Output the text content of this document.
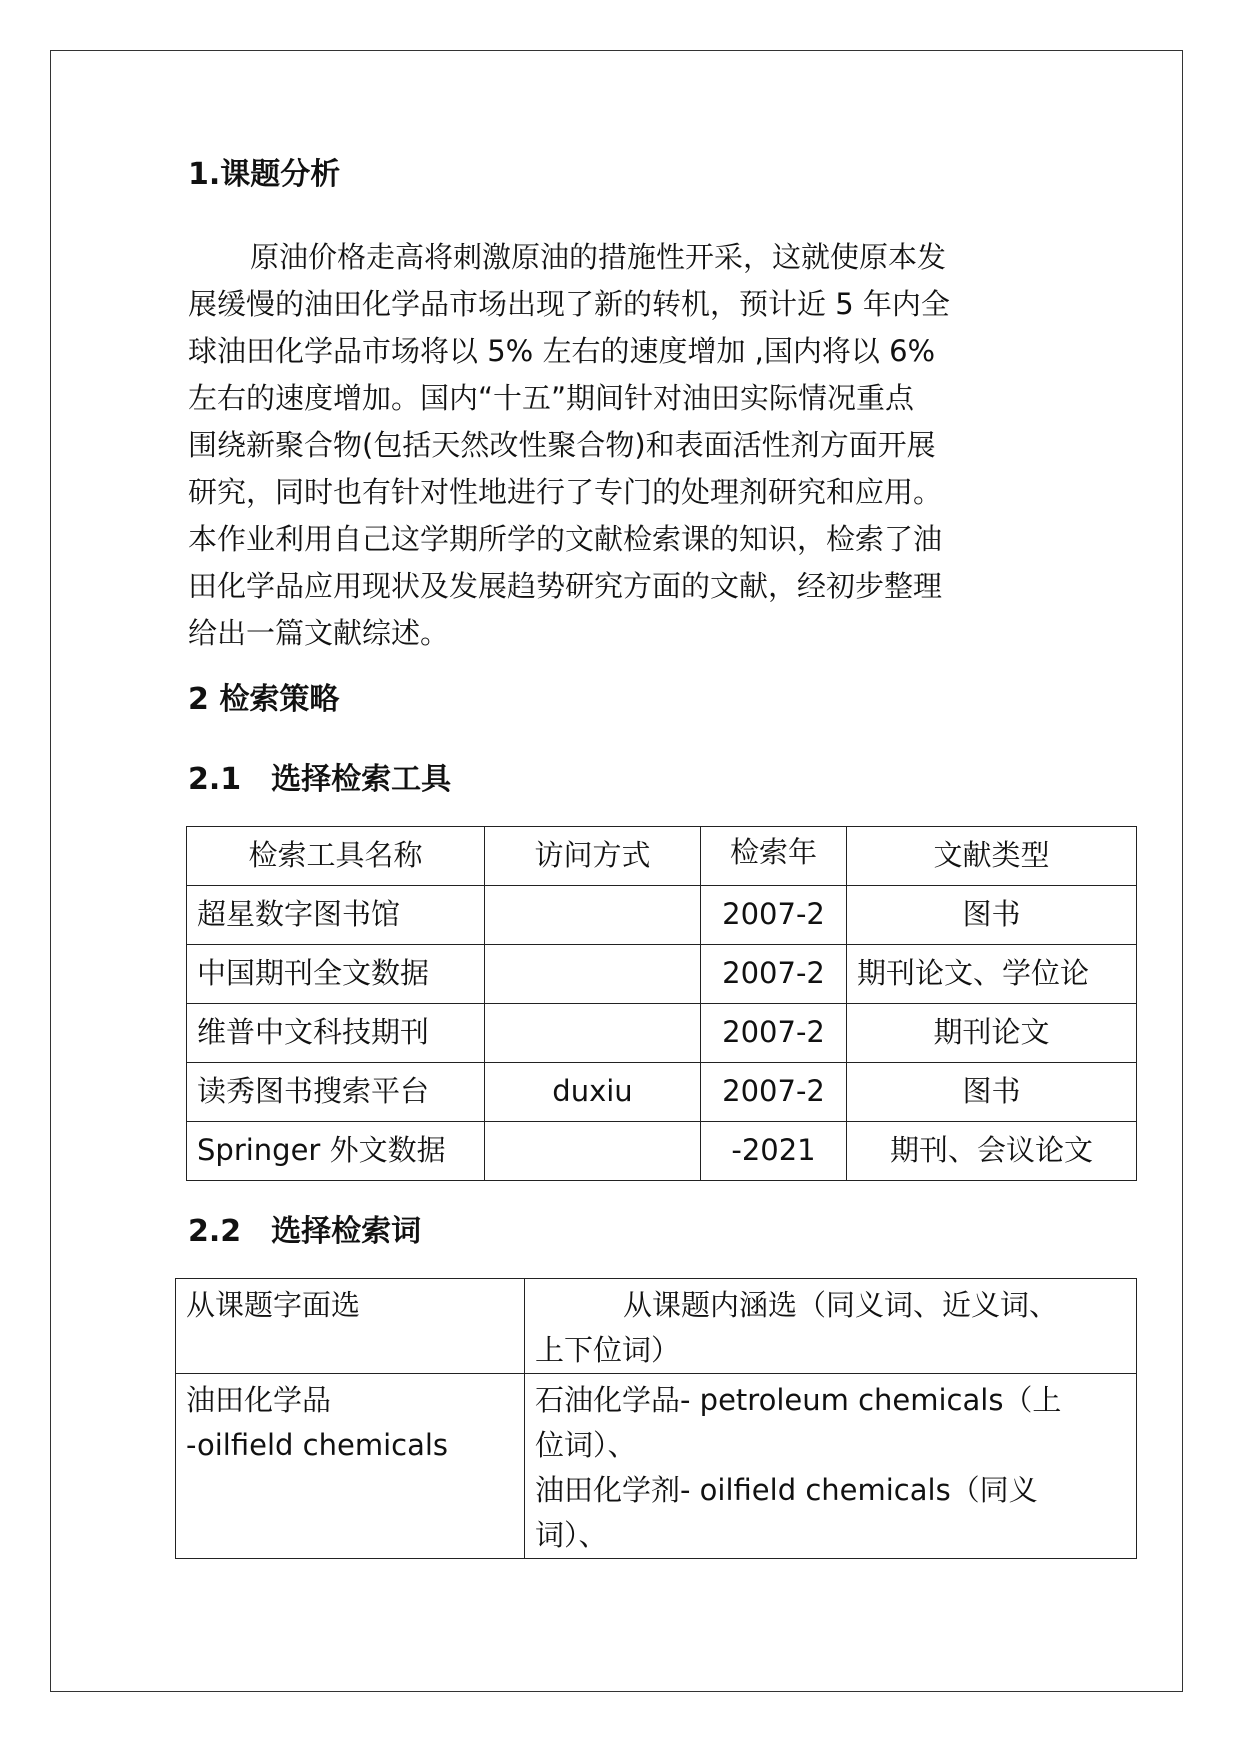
1.课题分析

原油价格走高将刺激原油的措施性开采，这就使原本发
展缓慢的油田化学品市场出现了新的转机，预计近 5 年内全
球油田化学品市场将以 5% 左右的速度增加 ,国内将以 6%
左右的速度增加。国内“十五”期间针对油田实际情况重点
围绕新聚合物(包括天然改性聚合物)和表面活性剂方面开展
研究，同时也有针对性地进行了专门的处理剂研究和应用。
本作业利用自己这学期所学的文献检索课的知识，检索了油
田化学品应用现状及发展趋势研究方面的文献，经初步整理
给出一篇文献综述。

2 检索策略
2.1　选择检索工具
检索工具名称	访问方式	检索年	文献类型
超星数字图书馆		2007-2	图书
中国期刊全文数据		2007-2	期刊论文、学位论
维普中文科技期刊		2007-2	期刊论文
读秀图书搜索平台	duxiu	2007-2	图书
Springer 外文数据		-2021	期刊、会议论文
2.2　选择检索词
从课题字面选	从课题内涵选（同义词、近义词、
上下位词）

油田化学品
-oilfield chemicals	石油化学品- petroleum chemicals（上
位词）、
油田化学剂- oilfield chemicals（同义
词）、
